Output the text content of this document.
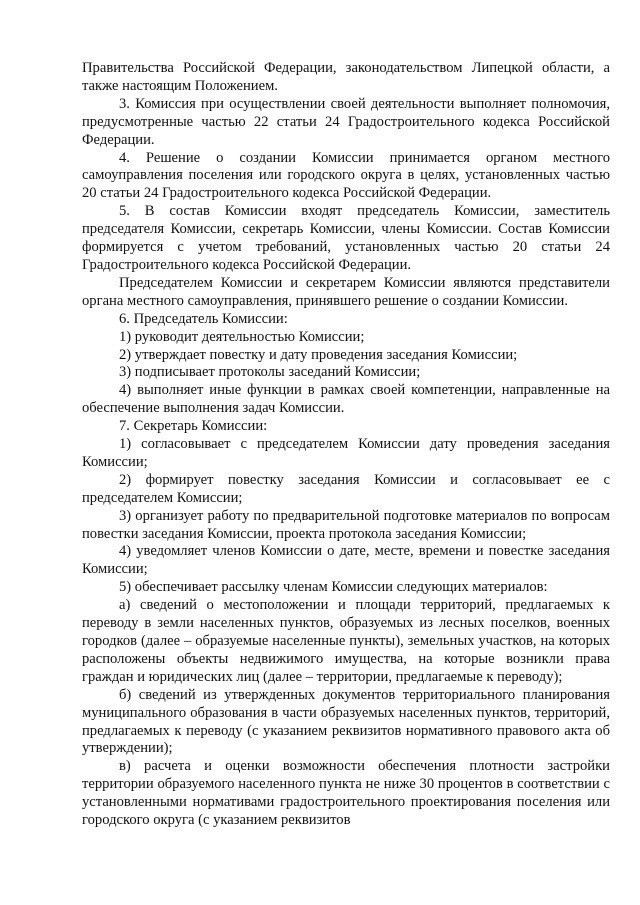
Правительства Российской Федерации, законодательством Липецкой области, а также настоящим Положением.

3. Комиссия при осуществлении своей деятельности выполняет полномочия, предусмотренные частью 22 статьи 24 Градостроительного кодекса Российской Федерации.

4. Решение о создании Комиссии принимается органом местного самоуправления поселения или городского округа в целях, установленных частью 20 статьи 24 Градостроительного кодекса Российской Федерации.

5. В состав Комиссии входят председатель Комиссии, заместитель председателя Комиссии, секретарь Комиссии, члены Комиссии. Состав Комиссии формируется с учетом требований, установленных частью 20 статьи 24 Градостроительного кодекса Российской Федерации.

Председателем Комиссии и секретарем Комиссии являются представители органа местного самоуправления, принявшего решение о создании Комиссии.

6. Председатель Комиссии:

1) руководит деятельностью Комиссии;

2) утверждает повестку и дату проведения заседания Комиссии;

3) подписывает протоколы заседаний Комиссии;

4) выполняет иные функции в рамках своей компетенции, направленные на обеспечение выполнения задач Комиссии.

7. Секретарь Комиссии:

1) согласовывает с председателем Комиссии дату проведения заседания Комиссии;

2) формирует повестку заседания Комиссии и согласовывает ее с председателем Комиссии;

3) организует работу по предварительной подготовке материалов по вопросам повестки заседания Комиссии, проекта протокола заседания Комиссии;

4) уведомляет членов Комиссии о дате, месте, времени и повестке заседания Комиссии;

5) обеспечивает рассылку членам Комиссии следующих материалов:

а) сведений о местоположении и площади территорий, предлагаемых к переводу в земли населенных пунктов, образуемых из лесных поселков, военных городков (далее – образуемые населенные пункты), земельных участков, на которых расположены объекты недвижимого имущества, на которые возникли права граждан и юридических лиц (далее – территории, предлагаемые к переводу);

б) сведений из утвержденных документов территориального планирования муниципального образования в части образуемых населенных пунктов, территорий, предлагаемых к переводу (с указанием реквизитов нормативного правового акта об утверждении);

в) расчета и оценки возможности обеспечения плотности застройки территории образуемого населенного пункта не ниже 30 процентов в соответствии с установленными нормативами градостроительного проектирования поселения или городского округа (с указанием реквизитов
